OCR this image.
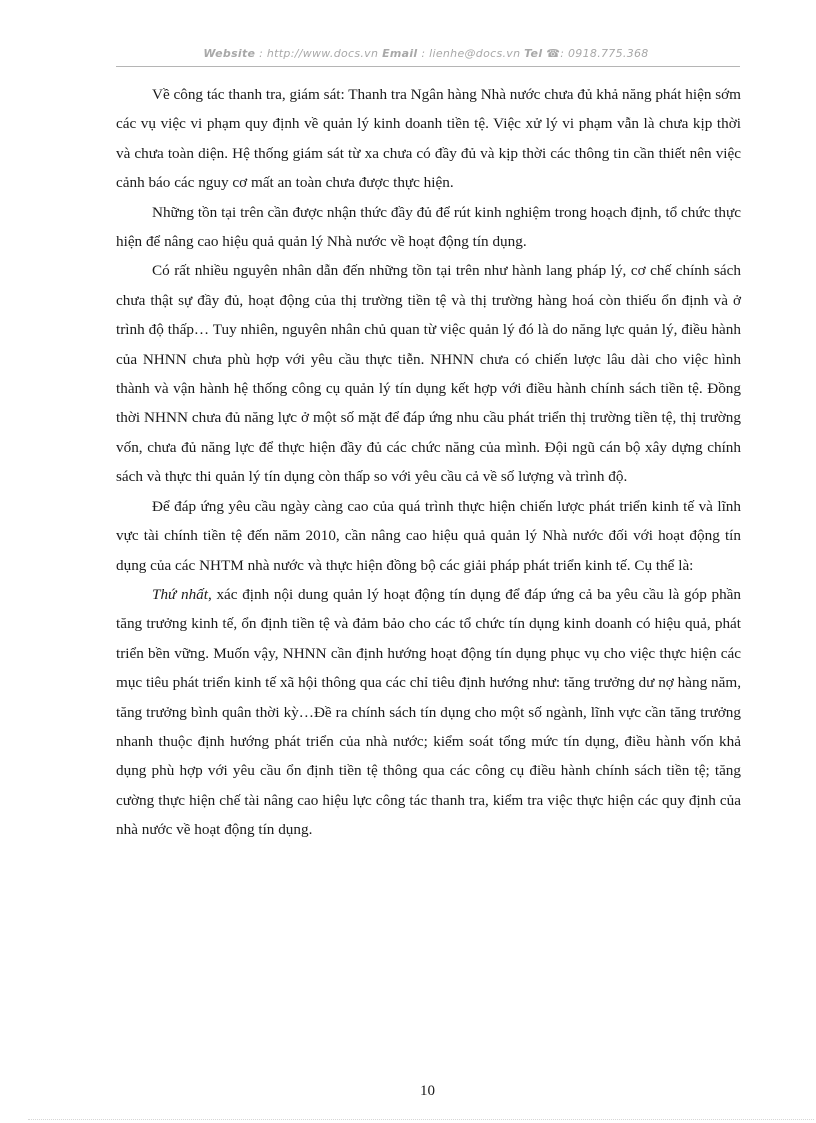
Website : http://www.docs.vn Email : lienhe@docs.vn Tel ☎: 0918.775.368

Về công tác thanh tra, giám sát: Thanh tra Ngân hàng Nhà nước chưa đủ khả năng phát hiện sớm các vụ việc vi phạm quy định về quản lý kinh doanh tiền tệ. Việc xử lý vi phạm vẫn là chưa kịp thời và chưa toàn diện. Hệ thống giám sát từ xa chưa có đầy đủ và kịp thời các thông tin cần thiết nên việc cảnh báo các nguy cơ mất an toàn chưa được thực hiện.

Những tồn tại trên cần được nhận thức đầy đủ để rút kinh nghiệm trong hoạch định, tổ chức thực hiện để nâng cao hiệu quả quản lý Nhà nước về hoạt động tín dụng.

Có rất nhiều nguyên nhân dẫn đến những tồn tại trên như hành lang pháp lý, cơ chế chính sách chưa thật sự đầy đủ, hoạt động của thị trường tiền tệ và thị trường hàng hoá còn thiếu ổn định và ở trình độ thấp… Tuy nhiên, nguyên nhân chủ quan từ việc quản lý đó là do năng lực quản lý, điều hành của NHNN chưa phù hợp với yêu cầu thực tiễn. NHNN chưa có chiến lược lâu dài cho việc hình thành và vận hành hệ thống công cụ quản lý tín dụng kết hợp với điều hành chính sách tiền tệ. Đồng thời NHNN chưa đủ năng lực ở một số mặt để đáp ứng nhu cầu phát triển thị trường tiền tệ, thị trường vốn, chưa đủ năng lực để thực hiện đầy đủ các chức năng của mình. Đội ngũ cán bộ xây dựng chính sách và thực thi quản lý tín dụng còn thấp so với yêu cầu cả về số lượng và trình độ.

Để đáp ứng yêu cầu ngày càng cao của quá trình thực hiện chiến lược phát triển kinh tế và lĩnh vực tài chính tiền tệ đến năm 2010, cần nâng cao hiệu quả quản lý Nhà nước đối với hoạt động tín dụng của các NHTM nhà nước và thực hiện đồng bộ các giải pháp phát triển kinh tế. Cụ thể là:

Thứ nhất, xác định nội dung quản lý hoạt động tín dụng để đáp ứng cả ba yêu cầu là góp phần tăng trưởng kinh tế, ổn định tiền tệ và đảm bảo cho các tổ chức tín dụng kinh doanh có hiệu quả, phát triển bền vững. Muốn vậy, NHNN cần định hướng hoạt động tín dụng phục vụ cho việc thực hiện các mục tiêu phát triển kinh tế xã hội thông qua các chỉ tiêu định hướng như: tăng trưởng dư nợ hàng năm, tăng trưởng bình quân thời kỳ…Đề ra chính sách tín dụng cho một số ngành, lĩnh vực cần tăng trưởng nhanh thuộc định hướng phát triển của nhà nước; kiểm soát tổng mức tín dụng, điều hành vốn khả dụng phù hợp với yêu cầu ổn định tiền tệ thông qua các công cụ điều hành chính sách tiền tệ; tăng cường thực hiện chế tài nâng cao hiệu lực công tác thanh tra, kiểm tra việc thực hiện các quy định của nhà nước về hoạt động tín dụng.

10
